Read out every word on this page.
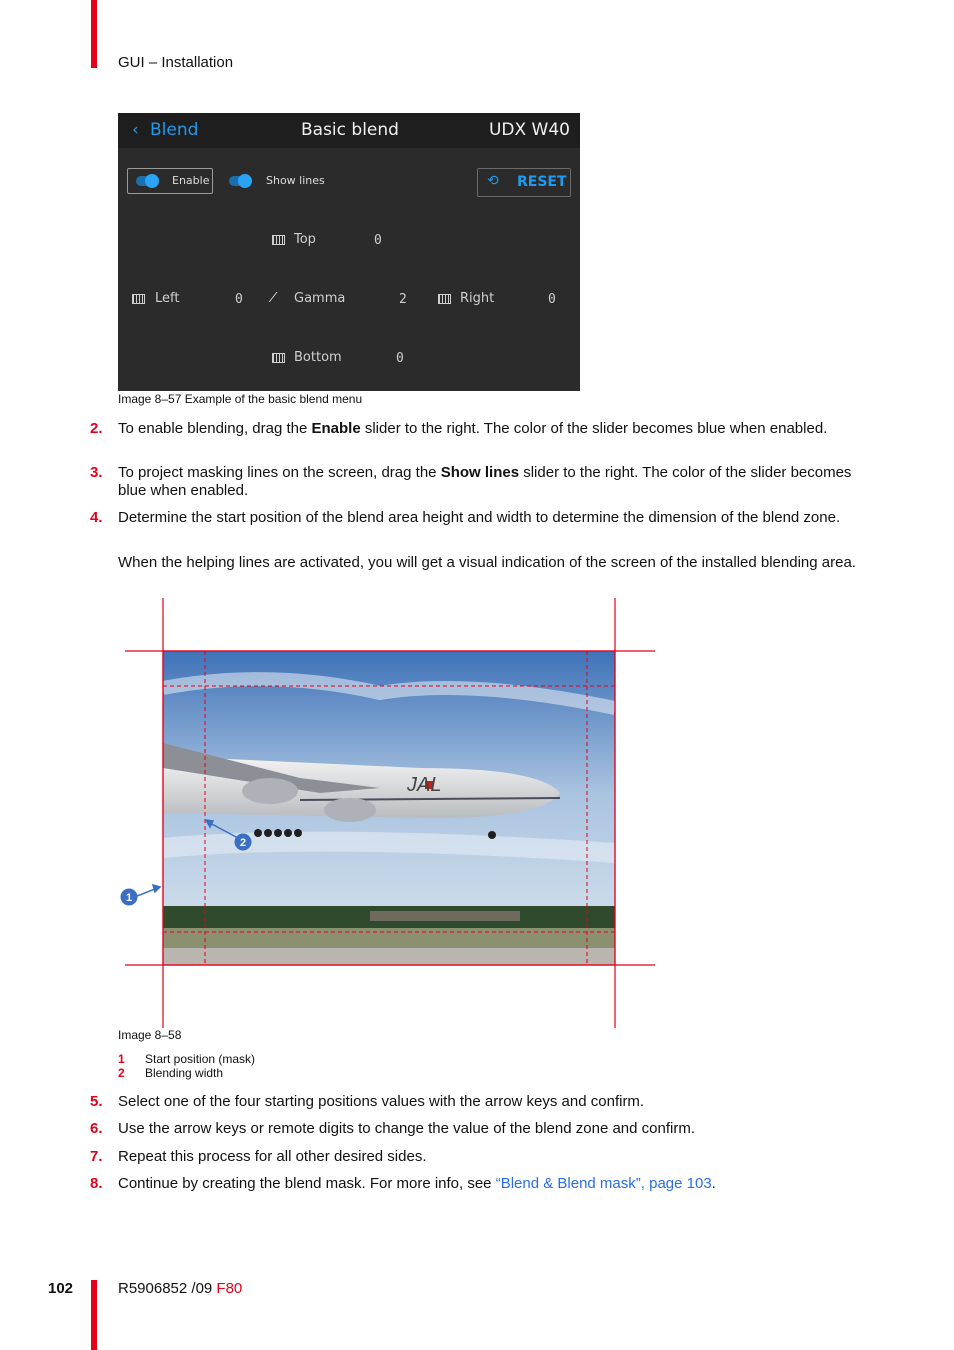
GUI – Installation
‹ Blend	Basic blend	UDX W40
Enable	Show lines	⟲ RESET
Top	0
Left	0 ⁄ Gamma	2	Right	0
Bottom	0
Image 8–57 Example of the basic blend menu
2. To enable blending, drag the Enable slider to the right. The color of the slider becomes blue when enabled.
3. To project masking lines on the screen, drag the Show lines slider to the right. The color of the slider becomes blue when enabled.
4. Determine the start position of the blend area height and width to determine the dimension of the blend zone.
When the helping lines are activated, you will get a visual indication of the screen of the installed blending area.
JAL
1
2
Image 8–58
1 Start position (mask)
2 Blending width
5. Select one of the four starting positions values with the arrow keys and confirm.
6. Use the arrow keys or remote digits to change the value of the blend zone and confirm.
7. Repeat this process for all other desired sides.
8. Continue by creating the blend mask. For more info, see “Blend & Blend mask”, page 103.
102	R5906852 /09 F80
